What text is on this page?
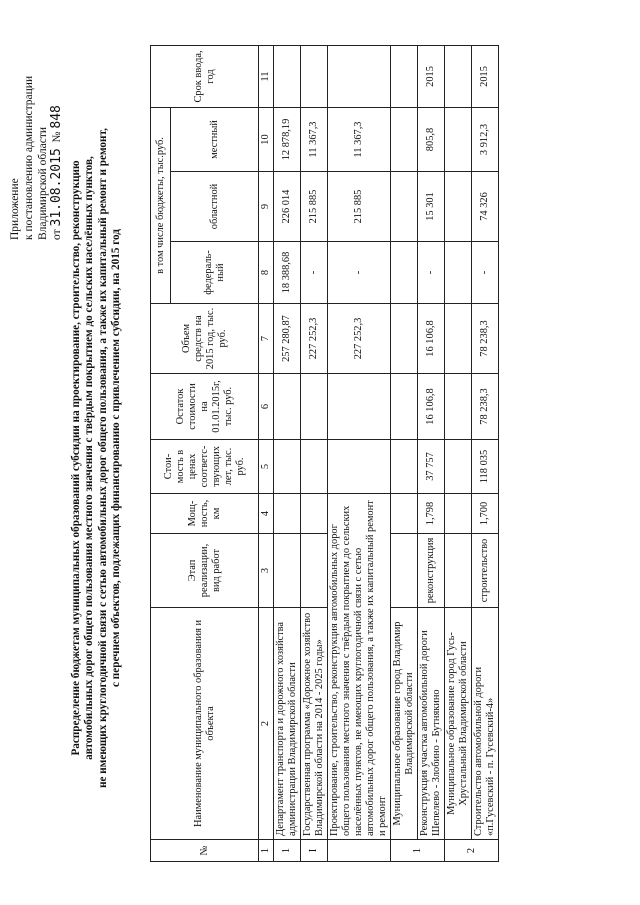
Приложение к постановлению администрации Владимирской области от 31.08.2015  № 848
Распределение бюджетам муниципальных образований субсидии на проектирование, строительство, реконструкцию автомобильных дорог общего пользования местного значения с твёрдым покрытием до сельских населённых пунктов, не имеющих круглогодичной связи с сетью автомобильных дорог общего пользования, а также их капитальный ремонт и ремонт, с перечнем объектов, подлежащих финансированию с привлечением субсидии, на 2015 год
№	Наименование муниципального образования и объекта	Этап реализации, вид работ	Мощ-ность, км	Стои-мость в ценах соответс-твующих лет, тыс. руб.	Остаток стоимости на 01.01.2015г, тыс. руб.	Объем средств на 2015 год, тыс. руб.	в том числе бюджеты, тыс.руб.			Срок ввода, год
							федераль-ный	областной	местный	
1	2	3	4	5	6	7	8	9	10	11
1	Департамент транспорта и дорожного хозяйства администрации Владимирской области					257 280,87	18 388,68	226 014	12 878,19	
I	Государственная программа «Дорожное хозяйство Владимирской области на 2014 - 2025 годы»					227 252,3	-	215 885	11 367,3	
	Проектирование, строительство, реконструкция автомобильных дорог общего пользования местного значения с твёрдым покрытием до сельских населённых пунктов, не имеющих круглогодичной связи с сетью автомобильных дорог общего пользования, а также их капитальный ремонт и ремонт					227 252,3	-	215 885	11 367,3	
1	Муниципальное образование город Владимир Владимирской области									
	Реконструкция участка автомобильной дороги Шепелево - Злобино - Бутнякино	реконструкция	1,798	37 757	16 106,8	16 106,8	-	15 301	805,8	2015
2	Муниципальное образование город Гусь-Хрустальный Владимирской области									
	Строительство автомобильной дороги «п.Гусевский - п. Гусевский-4»	строительство	1,700	118 035	78 238,3	78 238,3	-	74 326	3 912,3	2015
